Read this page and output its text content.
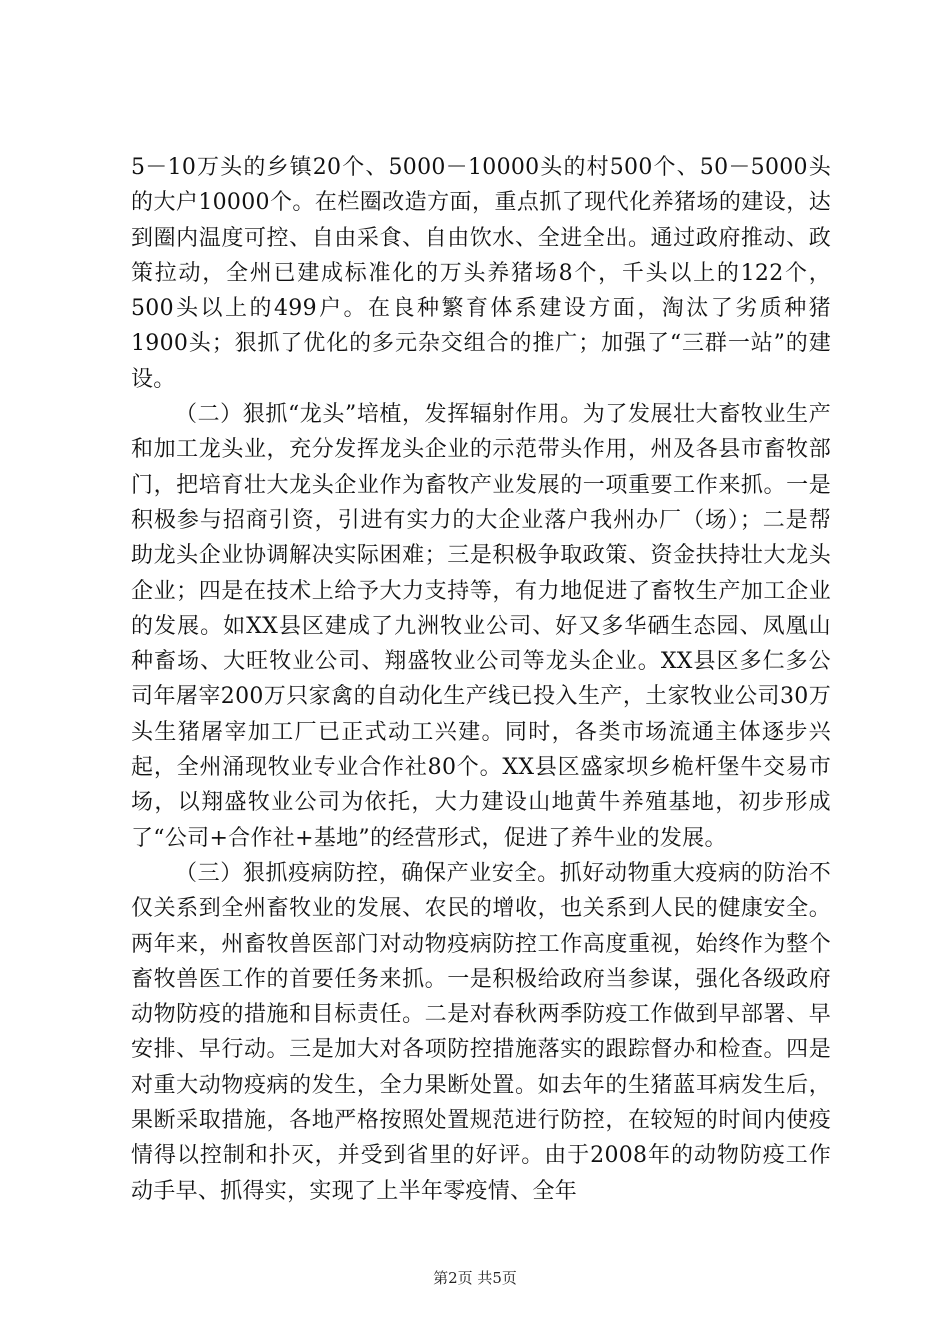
5－10万头的乡镇20个、5000－10000头的村500个、50－5000头的大户10000个。在栏圈改造方面，重点抓了现代化养猪场的建设，达到圈内温度可控、自由采食、自由饮水、全进全出。通过政府推动、政策拉动，全州已建成标准化的万头养猪场8个，千头以上的122个，500头以上的499户。在良种繁育体系建设方面，淘汰了劣质种猪1900头；狠抓了优化的多元杂交组合的推广；加强了“三群一站”的建设。

（二）狠抓“龙头”培植，发挥辐射作用。为了发展壮大畜牧业生产和加工龙头业，充分发挥龙头企业的示范带头作用，州及各县市畜牧部门，把培育壮大龙头企业作为畜牧产业发展的一项重要工作来抓。一是积极参与招商引资，引进有实力的大企业落户我州办厂（场）；二是帮助龙头企业协调解决实际困难；三是积极争取政策、资金扶持壮大龙头企业；四是在技术上给予大力支持等，有力地促进了畜牧生产加工企业的发展。如XX县区建成了九洲牧业公司、好又多华硒生态园、凤凰山种畜场、大旺牧业公司、翔盛牧业公司等龙头企业。XX县区多仁多公司年屠宰200万只家禽的自动化生产线已投入生产，土家牧业公司30万头生猪屠宰加工厂已正式动工兴建。同时，各类市场流通主体逐步兴起，全州涌现牧业专业合作社80个。XX县区盛家坝乡桅杆堡牛交易市场，以翔盛牧业公司为依托，大力建设山地黄牛养殖基地，初步形成了“公司+合作社+基地”的经营形式，促进了养牛业的发展。

（三）狠抓疫病防控，确保产业安全。抓好动物重大疫病的防治不仅关系到全州畜牧业的发展、农民的增收，也关系到人民的健康安全。两年来，州畜牧兽医部门对动物疫病防控工作高度重视，始终作为整个畜牧兽医工作的首要任务来抓。一是积极给政府当参谋，强化各级政府动物防疫的措施和目标责任。二是对春秋两季防疫工作做到早部署、早安排、早行动。三是加大对各项防控措施落实的跟踪督办和检查。四是对重大动物疫病的发生，全力果断处置。如去年的生猪蓝耳病发生后，果断采取措施，各地严格按照处置规范进行防控，在较短的时间内使疫情得以控制和扑灭，并受到省里的好评。由于2008年的动物防疫工作动手早、抓得实，实现了上半年零疫情、全年

第2页 共5页
